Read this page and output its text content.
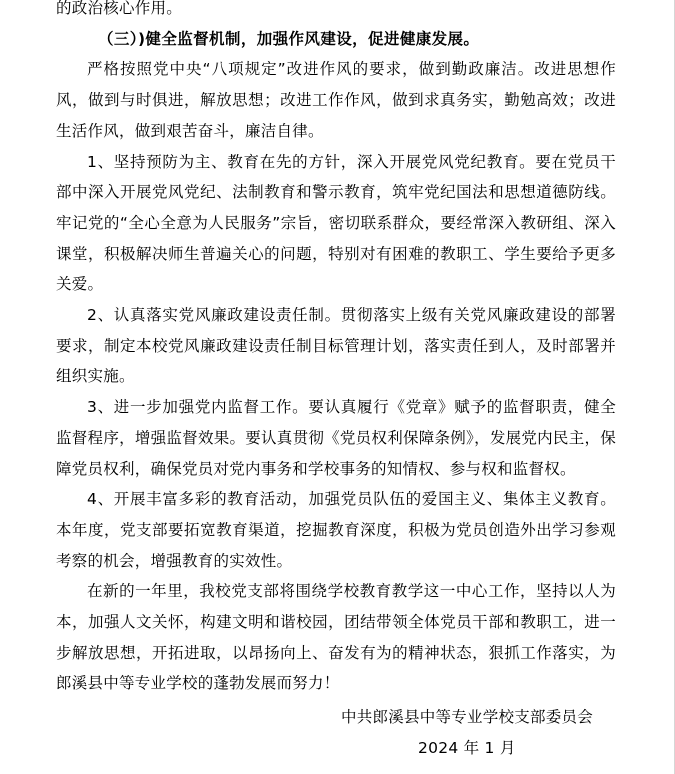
的政治核心作用。

（三）)健全监督机制，加强作风建设，促进健康发展。

严格按照党中央“八项规定”改进作风的要求，做到勤政廉洁。改进思想作风，做到与时俱进，解放思想；改进工作作风，做到求真务实，勤勉高效；改进生活作风，做到艰苦奋斗，廉洁自律。

1、坚持预防为主、教育在先的方针，深入开展党风党纪教育。要在党员干部中深入开展党风党纪、法制教育和警示教育，筑牢党纪国法和思想道德防线。牢记党的“全心全意为人民服务”宗旨，密切联系群众，要经常深入教研组、深入课堂，积极解决师生普遍关心的问题，特别对有困难的教职工、学生要给予更多关爱。

2、认真落实党风廉政建设责任制。贯彻落实上级有关党风廉政建设的部署要求，制定本校党风廉政建设责任制目标管理计划，落实责任到人，及时部署并组织实施。

3、进一步加强党内监督工作。要认真履行《党章》赋予的监督职责，健全监督程序，增强监督效果。要认真贯彻《党员权利保障条例》，发展党内民主，保障党员权利，确保党员对党内事务和学校事务的知情权、参与权和监督权。

4、开展丰富多彩的教育活动，加强党员队伍的爱国主义、集体主义教育。本年度，党支部要拓宽教育渠道，挖掘教育深度，积极为党员创造外出学习参观考察的机会，增强教育的实效性。

在新的一年里，我校党支部将围绕学校教育教学这一中心工作，坚持以人为本，加强人文关怀，构建文明和谐校园，团结带领全体党员干部和教职工，进一步解放思想，开拓进取，以昂扬向上、奋发有为的精神状态，狠抓工作落实，为郎溪县中等专业学校的蓬勃发展而努力！

中共郎溪县中等专业学校支部委员会
2024 年 1 月
